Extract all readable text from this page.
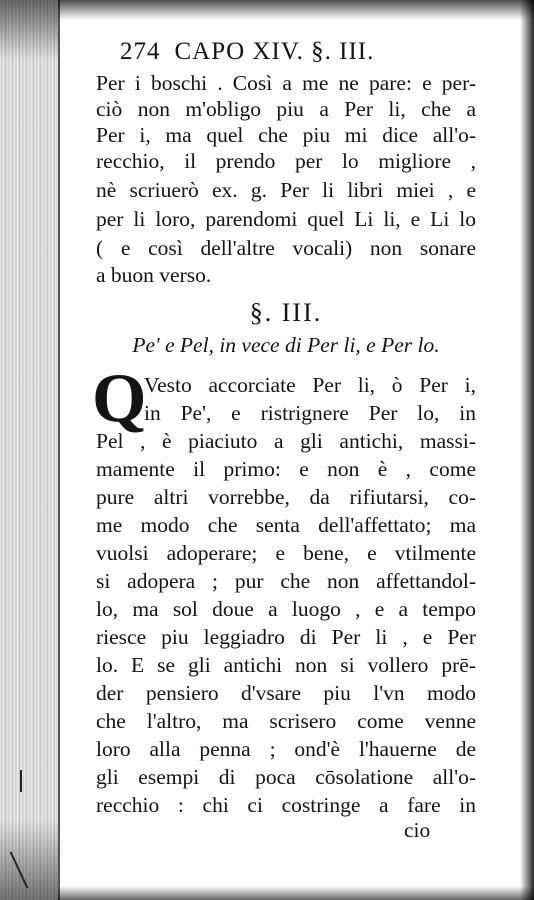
274 CAPO XIV. §. III.
Per i boschi . Così a me ne pare: e per-
ciò non m'obligo piu a Per li, che a
Per i, ma quel che piu mi dice all'o-
recchio, il prendo per lo migliore ,
nè scriuerò ex. g. Per li libri miei , e
per li loro, parendomi quel Li li, e Li lo
( e così dell'altre vocali) non sonare
a buon verso.
§. III.
Pe' e Pel, in vece di Per li, e Per lo.
Q
Vesto accorciate Per li, ò Per i,
in Pe', e ristrignere Per lo, in
Pel , è piaciuto a gli antichi, massi-
mamente il primo: e non è , come
pure altri vorrebbe, da rifiutarsi, co-
me modo che senta dell'affettato; ma
vuolsi adoperare; e bene, e vtilmente
si adopera ; pur che non affettandol-
lo, ma sol doue a luogo , e a tempo
riesce piu leggiadro di Per li , e Per
lo. E se gli antichi non si vollero prē-
der pensiero d'vsare piu l'vn modo
che l'altro, ma scrisero come venne
loro alla penna ; ond'è l'hauerne de
gli esempi di poca cōsolatione all'o-
recchio : chi ci costringe a fare in
cio
